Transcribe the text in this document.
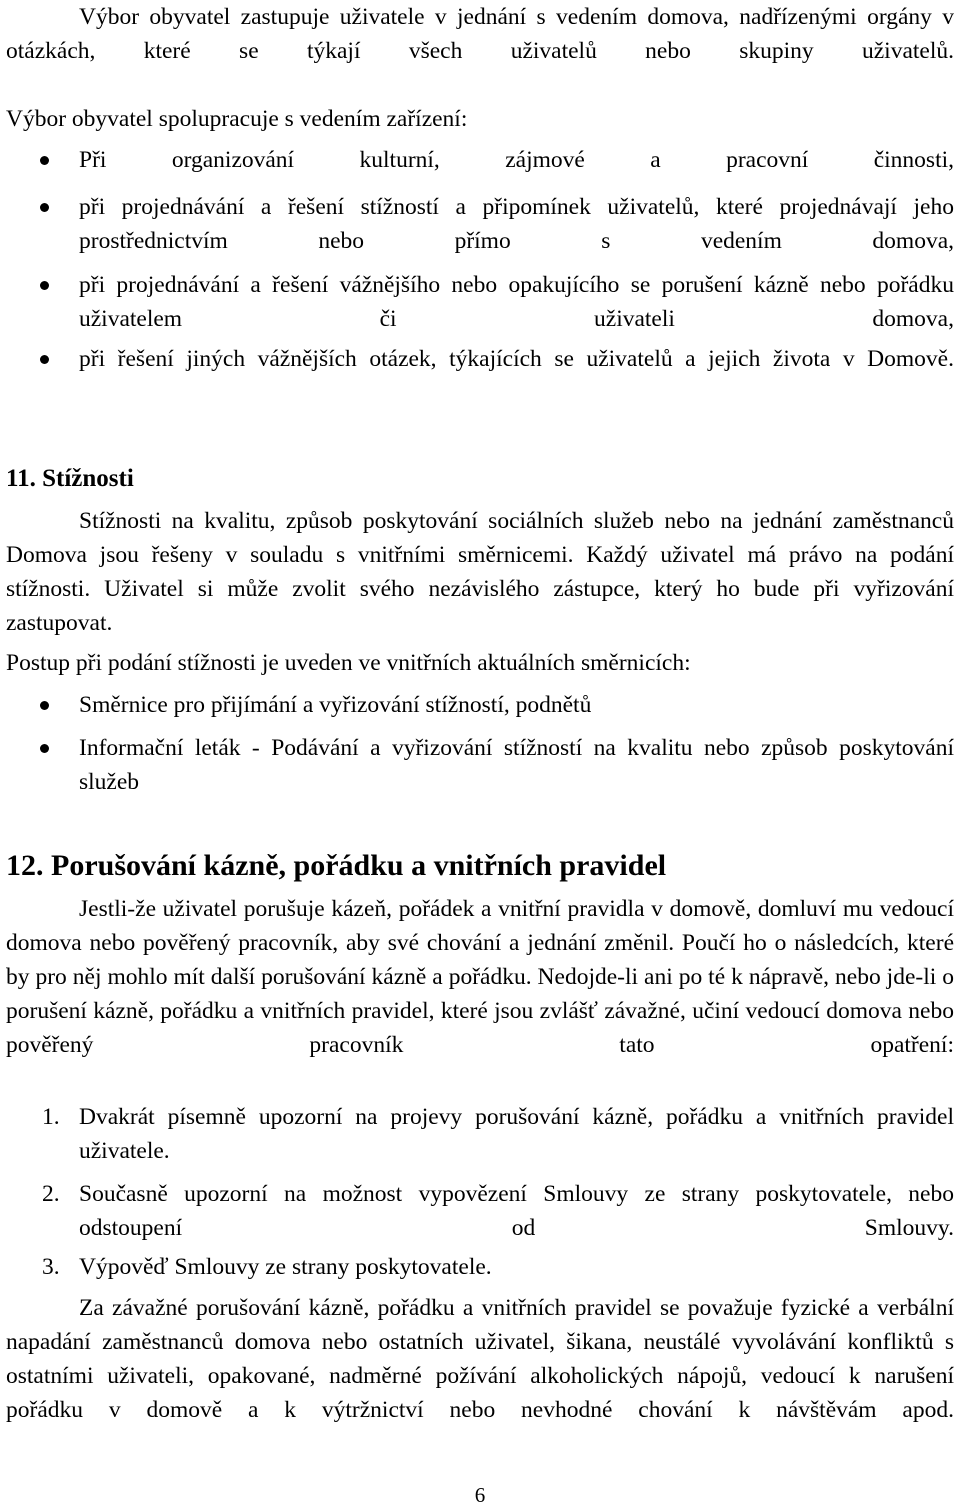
Výbor obyvatel zastupuje uživatele v jednání s vedením domova, nadřízenými orgány v otázkách, které se týkají všech uživatelů nebo skupiny uživatelů.

Výbor obyvatel spolupracuje s vedením zařízení:

Při organizování kulturní, zájmové a pracovní činnosti,
při projednávání a řešení stížností a připomínek uživatelů, které projednávají jeho prostřednictvím nebo přímo s vedením domova,
při projednávání a řešení vážnějšího nebo opakujícího se porušení kázně nebo pořádku uživatelem či uživateli domova,
při řešení jiných vážnějších otázek, týkajících se uživatelů a jejich života v Domově.
11. Stížnosti

Stížnosti na kvalitu, způsob poskytování sociálních služeb nebo na jednání zaměstnanců Domova jsou řešeny v souladu s vnitřními směrnicemi. Každý uživatel má právo na podání stížnosti. Uživatel si může zvolit svého nezávislého zástupce, který ho bude při vyřizování zastupovat.

Postup při podání stížnosti je uveden ve vnitřních aktuálních směrnicích:

Směrnice pro přijímání a vyřizování stížností, podnětů
Informační leták - Podávání a vyřizování stížností na kvalitu nebo způsob poskytování služeb
12. Porušování kázně, pořádku a vnitřních pravidel

Jestli-že uživatel porušuje kázeň, pořádek a vnitřní pravidla v domově, domluví mu vedoucí domova nebo pověřený pracovník, aby své chování a jednání změnil. Poučí ho o následcích, které by pro něj mohlo mít další porušování kázně a pořádku. Nedojde-li ani po té k nápravě, nebo jde-li o porušení kázně, pořádku a vnitřních pravidel, které jsou zvlášť závažné, učiní vedoucí domova nebo pověřený pracovník tato opatření:

1. Dvakrát písemně upozorní na projevy porušování kázně, pořádku a vnitřních pravidel uživatele.
2. Současně upozorní na možnost vypovězení Smlouvy ze strany poskytovatele, nebo odstoupení od Smlouvy.
3. Výpověď Smlouvy ze strany poskytovatele.

Za závažné porušování kázně, pořádku a vnitřních pravidel se považuje fyzické a verbální napadání zaměstnanců domova nebo ostatních uživatel, šikana, neustálé vyvolávání konfliktů s ostatními uživateli, opakované, nadměrné požívání alkoholických nápojů, vedoucí k narušení pořádku v domově a k výtržnictví nebo nevhodné chování k návštěvám apod.

6
